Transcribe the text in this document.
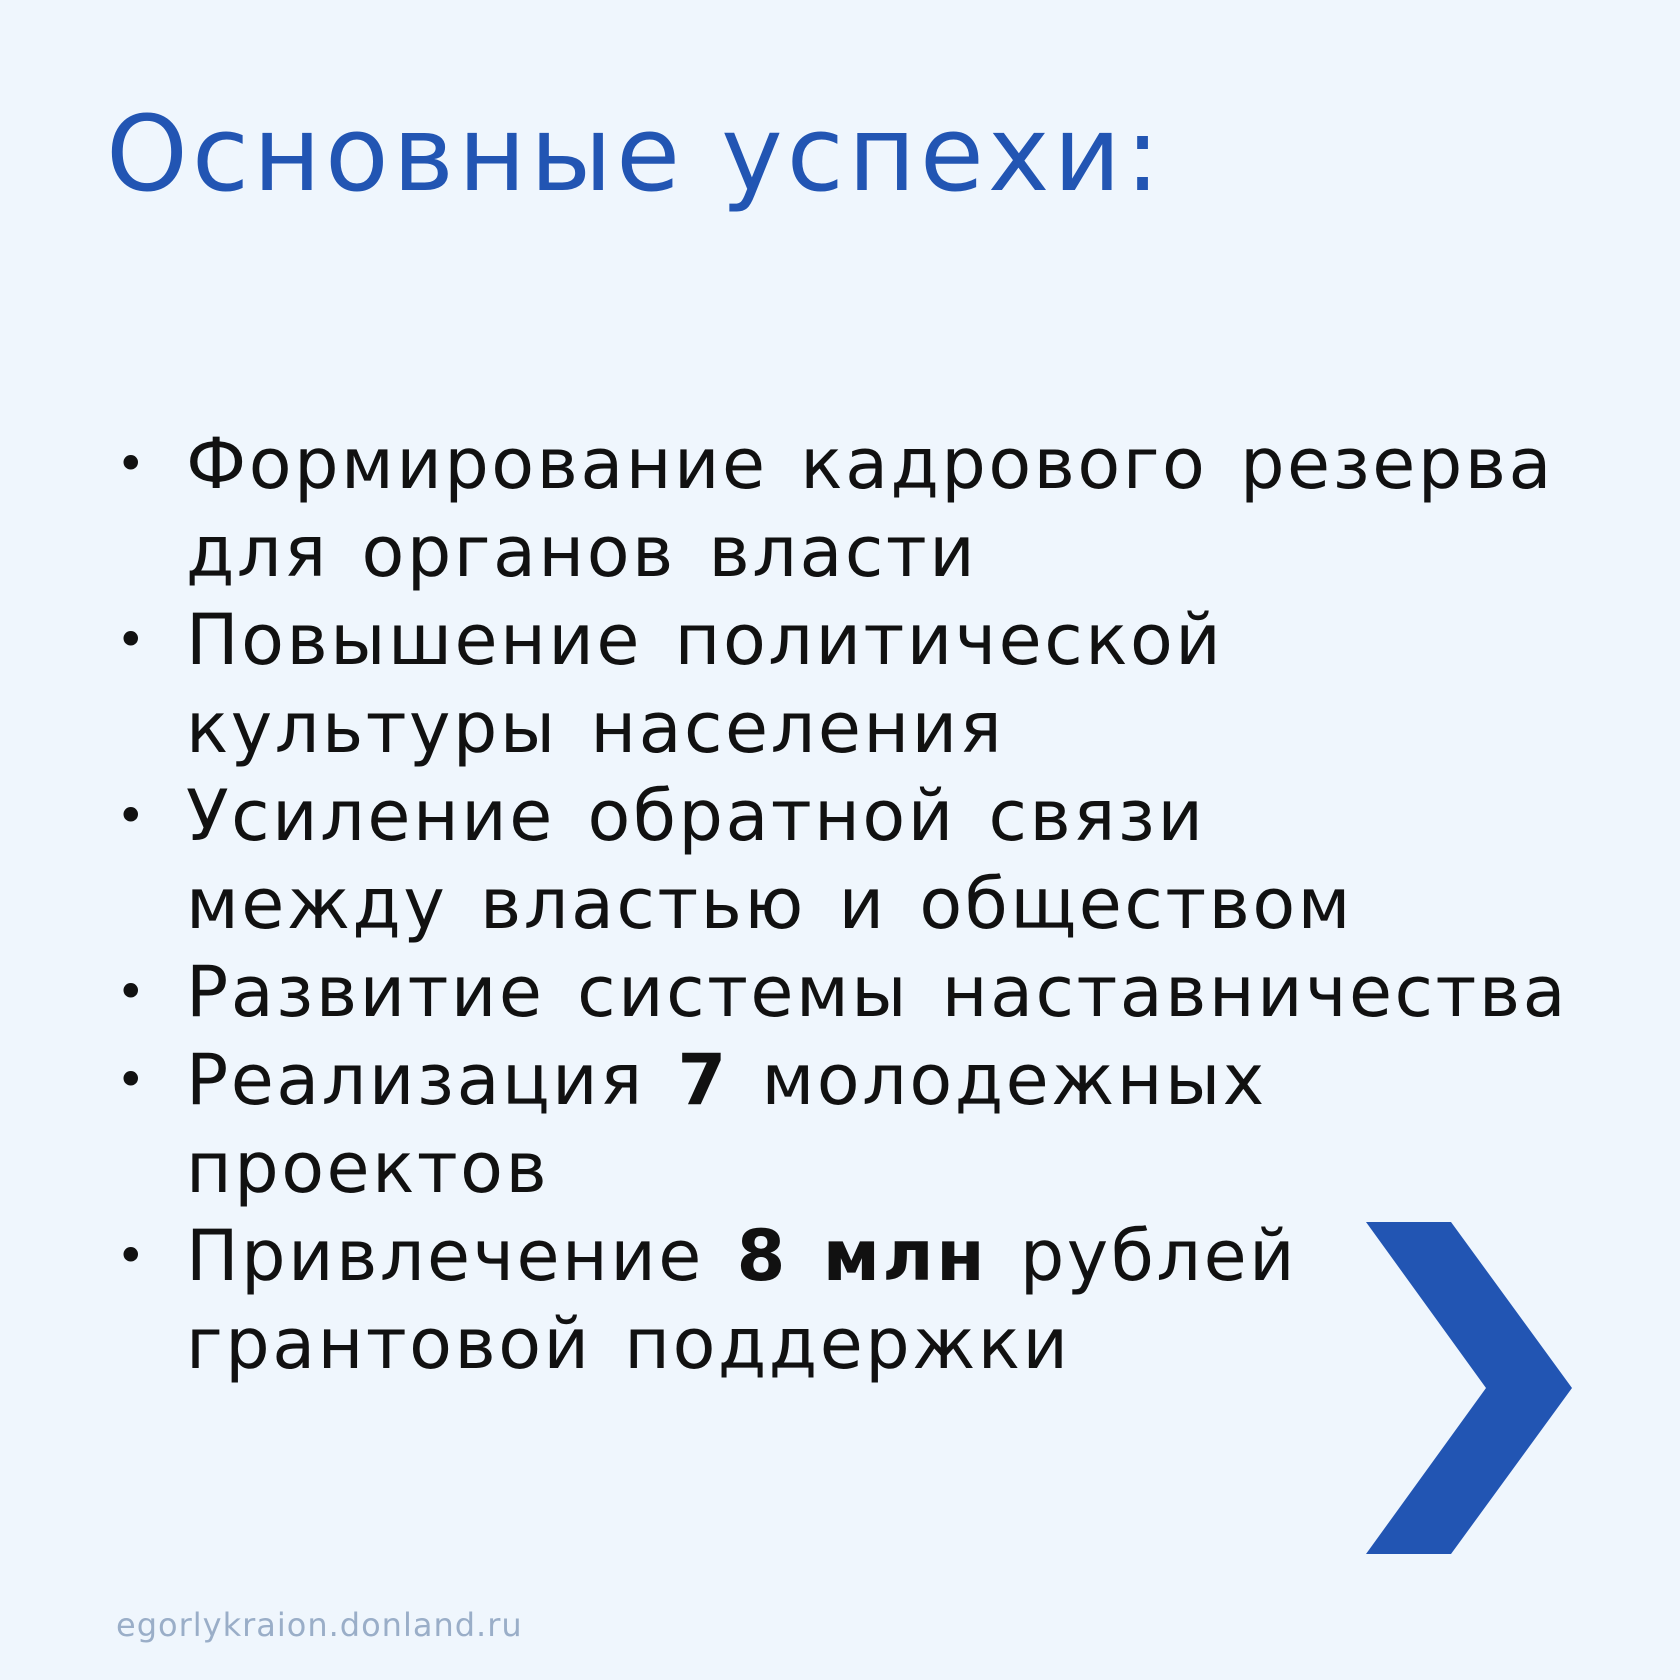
Основные успехи:
• Формирование кадрового резерва
для органов власти
• Повышение политической
культуры населения
• Усиление обратной связи
между властью и обществом
• Развитие системы наставничества
• Реализация 7 молодежных
проектов
• Привлечение 8 млн рублей
грантовой поддержки
egorlykraion.donland.ru
